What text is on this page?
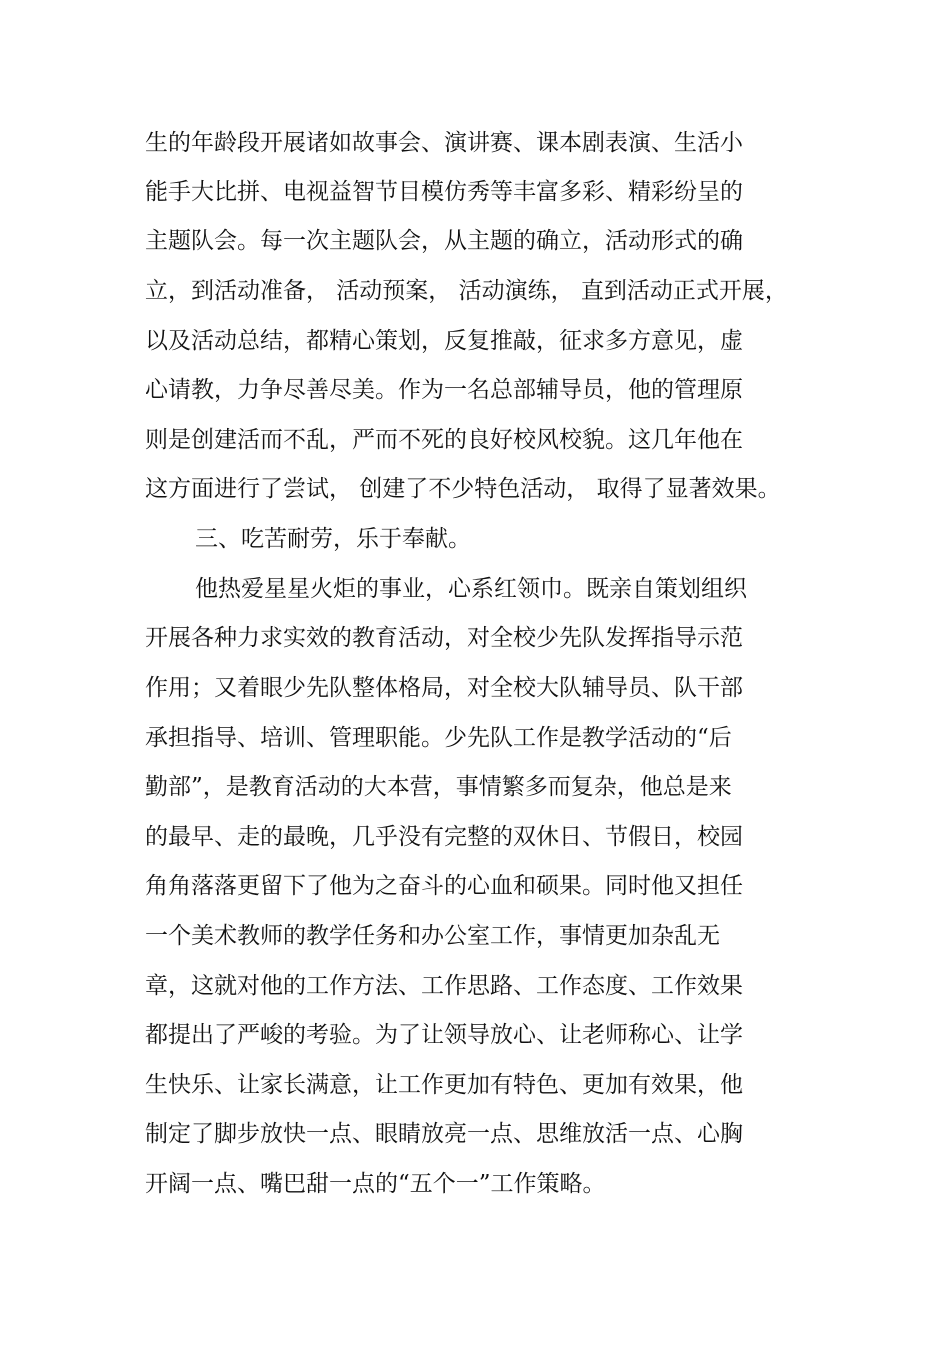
生的年龄段开展诸如故事会、演讲赛、课本剧表演、生活小
能手大比拼、电视益智节目模仿秀等丰富多彩、精彩纷呈的
主题队会。每一次主题队会，从主题的确立，活动形式的确
立，到活动准备， 活动预案， 活动演练， 直到活动正式开展，
以及活动总结，都精心策划，反复推敲，征求多方意见，虚
心请教，力争尽善尽美。作为一名总部辅导员，他的管理原
则是创建活而不乱，严而不死的良好校风校貌。这几年他在
这方面进行了尝试， 创建了不少特色活动， 取得了显著效果。
三、吃苦耐劳，乐于奉献。
他热爱星星火炬的事业，心系红领巾。既亲自策划组织
开展各种力求实效的教育活动，对全校少先队发挥指导示范
作用；又着眼少先队整体格局，对全校大队辅导员、队干部
承担指导、培训、管理职能。少先队工作是教学活动的“后
勤部”，是教育活动的大本营，事情繁多而复杂，他总是来
的最早、走的最晚，几乎没有完整的双休日、节假日，校园
角角落落更留下了他为之奋斗的心血和硕果。同时他又担任
一个美术教师的教学任务和办公室工作，事情更加杂乱无
章，这就对他的工作方法、工作思路、工作态度、工作效果
都提出了严峻的考验。为了让领导放心、让老师称心、让学
生快乐、让家长满意，让工作更加有特色、更加有效果，他
制定了脚步放快一点、眼睛放亮一点、思维放活一点、心胸
开阔一点、嘴巴甜一点的“五个一”工作策略。
